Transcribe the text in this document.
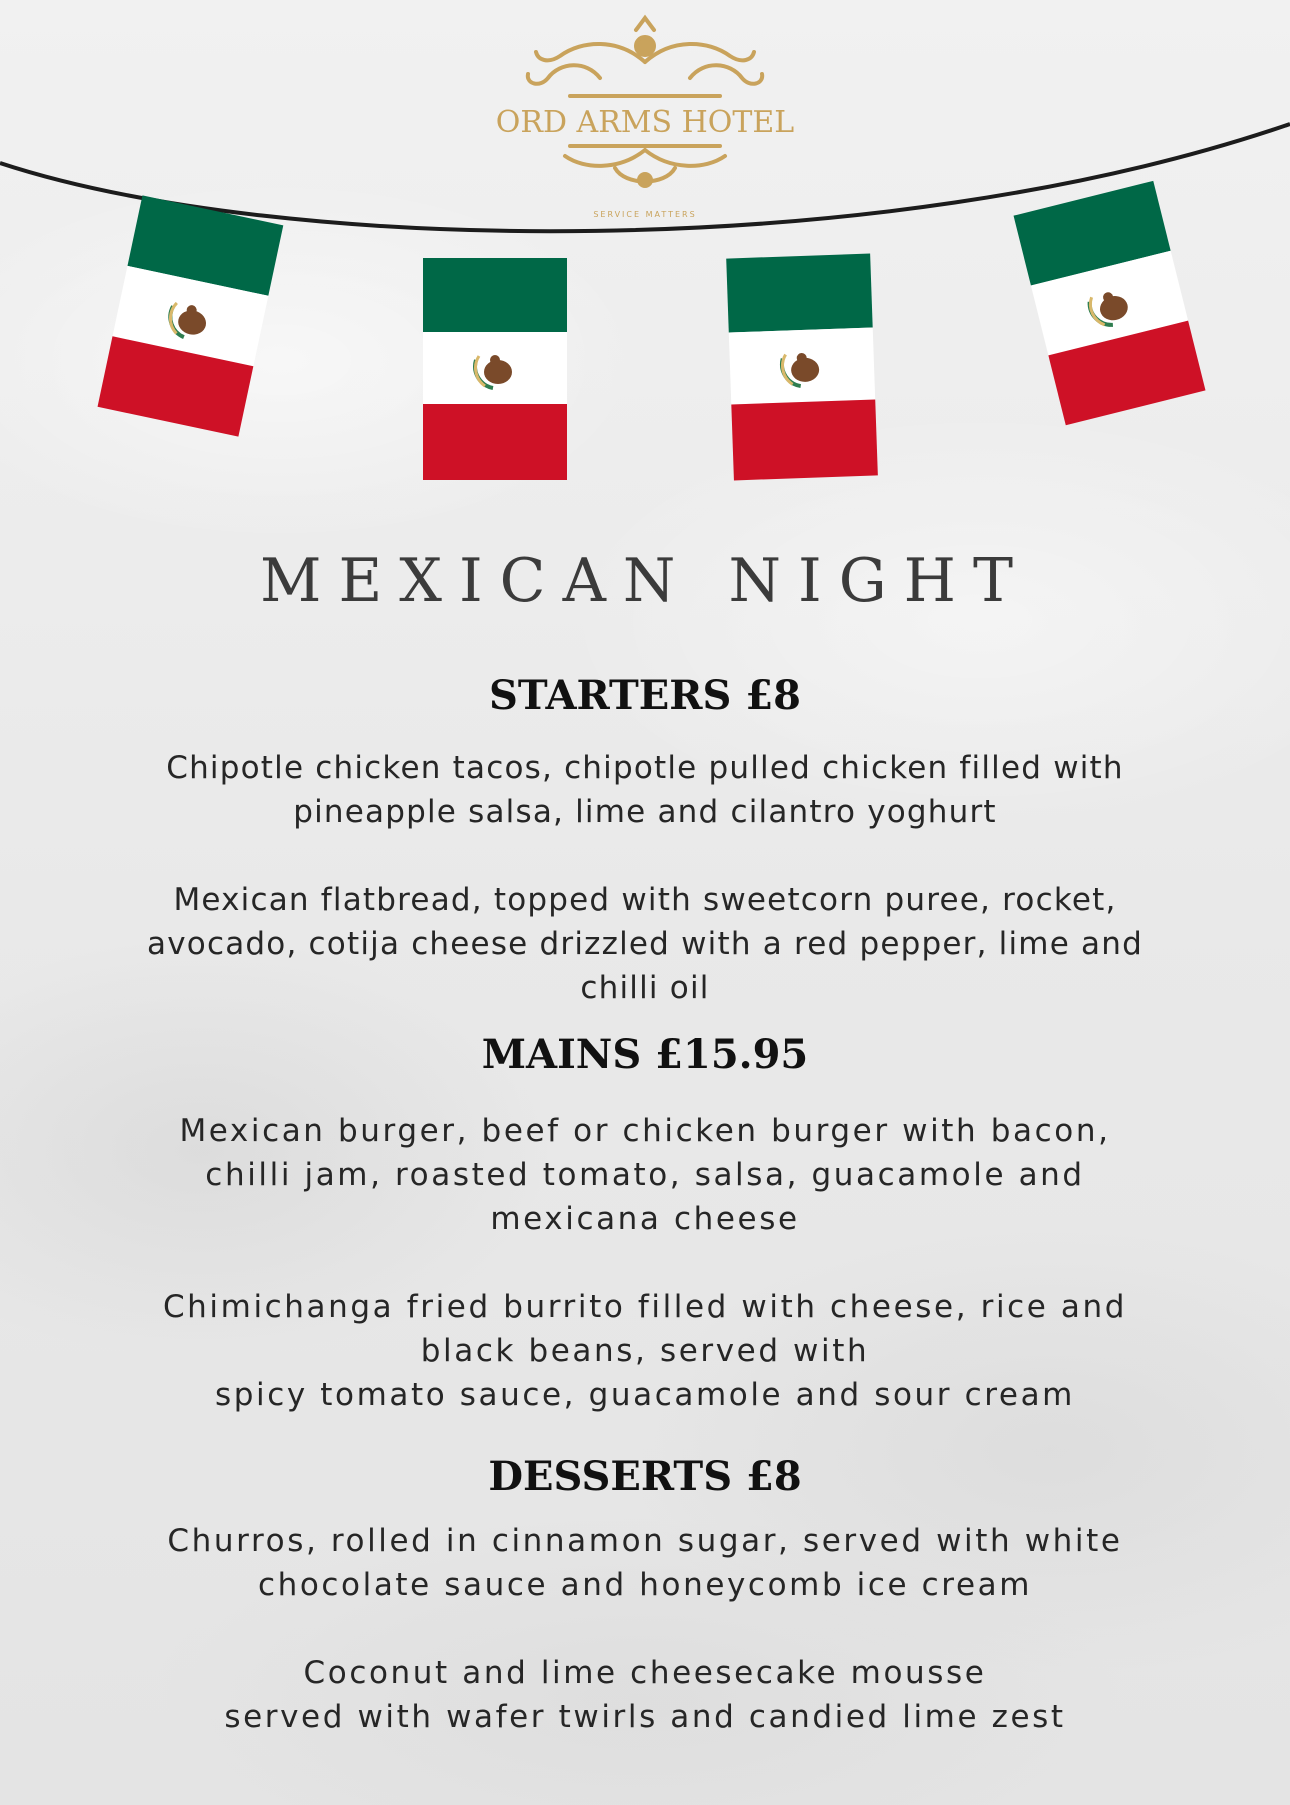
ORD ARMS HOTEL
SERVICE MATTERS
MEXICAN NIGHT
STARTERS £8

Chipotle chicken tacos, chipotle pulled chicken filled with
pineapple salsa, lime and cilantro yoghurt

Mexican flatbread, topped with sweetcorn puree, rocket,
avocado, cotija cheese drizzled with a red pepper, lime and
chilli oil

MAINS £15.95

Mexican burger, beef or chicken burger with bacon,
chilli jam, roasted tomato, salsa, guacamole and
mexicana cheese

Chimichanga fried burrito filled with cheese, rice and
black beans, served with
spicy tomato sauce, guacamole and sour cream

DESSERTS £8

Churros, rolled in cinnamon sugar, served with white
chocolate sauce and honeycomb ice cream

Coconut and lime cheesecake mousse
served with wafer twirls and candied lime zest
